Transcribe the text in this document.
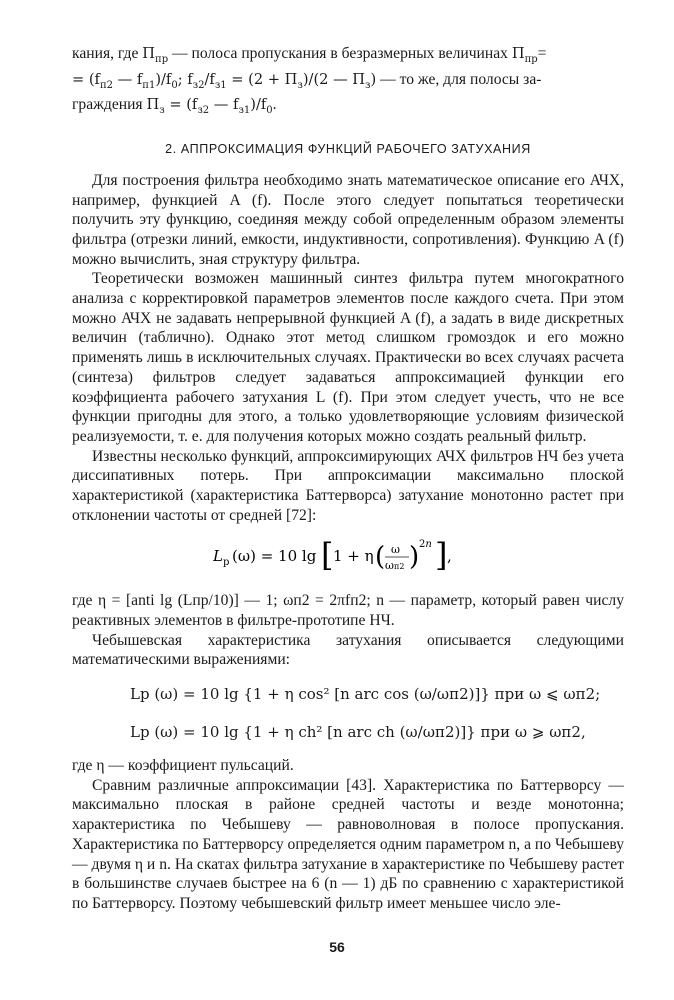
кания, где $\Pi_{пр}$ — полоса пропускания в безразмерных величинах $\Pi_{пр}=$

= ($f_{п2}$ — $f_{п1})/f_0$; $f_{з2}/f_{з1} = (2 + \Pi_з)/(2$ — $\Pi_з$) — то же, для полосы за-

граждения $\Pi_з = (f_{з2}$ — $f_{з1})/f_0$.

2. АППРОКСИМАЦИЯ ФУНКЦИЙ РАБОЧЕГО ЗАТУХАНИЯ

Для построения фильтра необходимо знать математическое описание его АЧХ, например, функцией A (f). После этого следует попытаться теоретически получить эту функцию, соединяя между собой определенным образом элементы фильтра (отрезки линий, емкости, индуктивности, сопротивления). Функцию A (f) можно вычислить, зная структуру фильтра.

Теоретически возможен машинный синтез фильтра путем многократного анализа с корректировкой параметров элементов после каждого счета. При этом можно АЧХ не задавать непрерывной функцией A (f), а задать в виде дискретных величин (таблично). Однако этот метод слишком громоздок и его можно применять лишь в исключительных случаях. Практически во всех случаях расчета (синтеза) фильтров следует задаваться аппроксимацией функции его коэффициента рабочего затухания L (f). При этом следует учесть, что не все функции пригодны для этого, а только удовлетворяющие условиям физической реализуемости, т. е. для получения которых можно создать реальный фильтр.

Известны несколько функций, аппроксимирующих АЧХ фильтров НЧ без учета диссипативных потерь. При аппроксимации максимально плоской характеристикой (характеристика Баттерворса) затухание монотонно растет при отклонении частоты от средней [72]:

L р (ω) = 10 lg [ 1 + η ( ω
ωп2 ) 2n ] ,

где η = [anti lg (Lпр/10)] — 1; ωп2 = 2πfп2; n — параметр, который равен числу реактивных элементов в фильтре-прототипе НЧ.

Чебышевская характеристика затухания описывается следующими математическими выражениями:

Lр (ω) = 10 lg {1 + η cos² [n arc cos (ω/ωп2)]} при ω ⩽ ωп2;
Lр (ω) = 10 lg {1 + η ch² [n arc ch (ω/ωп2)]} при ω ⩾ ωп2,

где η — коэффициент пульсаций.

Сравним различные аппроксимации [43]. Характеристика по Баттерворсу — максимально плоская в районе средней частоты и везде монотонна; характеристика по Чебышеву — равноволновая в полосе пропускания. Характеристика по Баттерворсу определяется одним параметром n, а по Чебышеву — двумя η и n. На скатах фильтра затухание в характеристике по Чебышеву растет в большинстве случаев быстрее на 6 (n — 1) дБ по сравнению с характеристикой по Баттерворсу. Поэтому чебышевский фильтр имеет меньшее число эле-

56
